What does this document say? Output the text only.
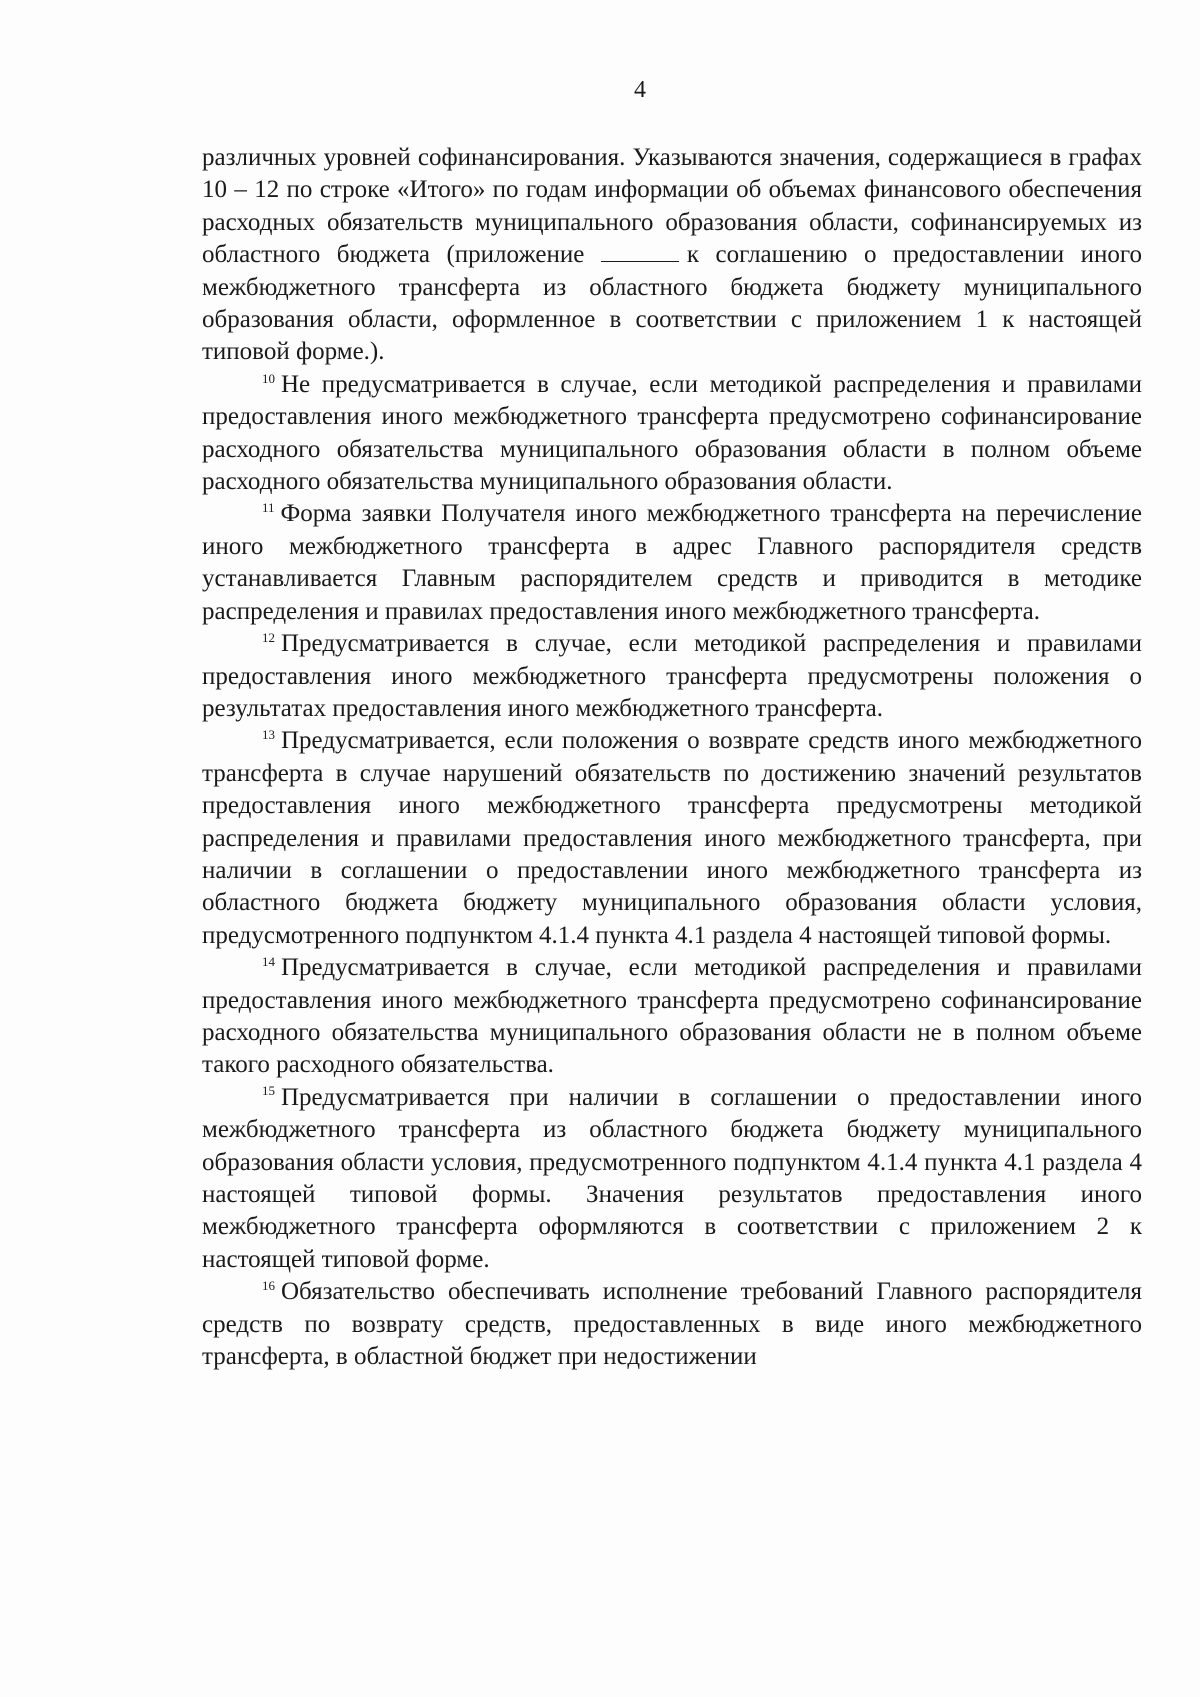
4

различных уровней софинансирования. Указываются значения, содержащиеся в графах 10 – 12 по строке «Итого» по годам информации об объемах финансового обеспечения расходных обязательств муниципального образования области, софинансируемых из областного бюджета (приложение	к соглашению о предоставлении иного межбюджетного трансферта из областного бюджета бюджету муниципального образования области, оформленное в соответствии с приложением 1 к настоящей типовой форме.).

$^{10}$ Не предусматривается в случае, если методикой распределения и правилами предоставления иного межбюджетного трансферта предусмотрено софинансирование расходного обязательства муниципального образования области в полном объеме расходного обязательства муниципального образования области.

$^{11}$ Форма заявки Получателя иного межбюджетного трансферта на перечисление иного межбюджетного трансферта в адрес Главного распорядителя средств устанавливается Главным распорядителем средств и приводится в методике распределения и правилах предоставления иного межбюджетного трансферта.

$^{12}$ Предусматривается в случае, если методикой распределения и правилами предоставления иного межбюджетного трансферта предусмотрены положения о результатах предоставления иного межбюджетного трансферта.

$^{13}$ Предусматривается, если положения о возврате средств иного межбюджетного трансферта в случае нарушений обязательств по достижению значений результатов предоставления иного межбюджетного трансферта предусмотрены методикой распределения и правилами предоставления иного межбюджетного трансферта, при наличии в соглашении о предоставлении иного межбюджетного трансферта из областного бюджета бюджету муниципального образования области условия, предусмотренного подпунктом 4.1.4 пункта 4.1 раздела 4 настоящей типовой формы.

$^{14}$ Предусматривается в случае, если методикой распределения и правилами предоставления иного межбюджетного трансферта предусмотрено софинансирование расходного обязательства муниципального образования области не в полном объеме такого расходного обязательства.

$^{15}$ Предусматривается при наличии в соглашении о предоставлении иного межбюджетного трансферта из областного бюджета бюджету муниципального образования области условия, предусмотренного подпунктом 4.1.4 пункта 4.1 раздела 4 настоящей типовой формы. Значения результатов предоставления иного межбюджетного трансферта оформляются в соответствии с приложением 2 к настоящей типовой форме.

$^{16}$ Обязательство обеспечивать исполнение требований Главного распорядителя средств по возврату средств, предоставленных в виде иного межбюджетного трансферта, в областной бюджет при недостижении
